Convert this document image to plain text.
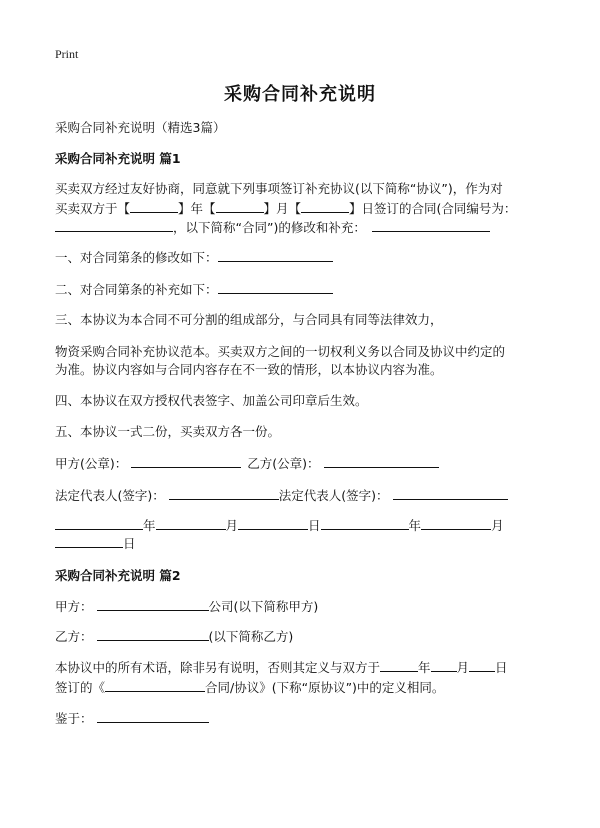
Print
采购合同补充说明
采购合同补充说明（精选3篇）
采购合同补充说明 篇1
买卖双方经过友好协商，同意就下列事项签订补充协议(以下简称“协议”)，作为对
买卖双方于【	】年【	】月【	】日签订的合同(合同编号为：
，以下简称“合同”)的修改和补充：
一、对合同第条的修改如下：
二、对合同第条的补充如下：
三、本协议为本合同不可分割的组成部分，与合同具有同等法律效力，
物资采购合同补充协议范本。买卖双方之间的一切权利义务以合同及协议中约定的
为准。协议内容如与合同内容存在不一致的情形，以本协议内容为准。
四、本协议在双方授权代表签字、加盖公司印章后生效。
五、本协议一式二份，买卖双方各一份。
甲方(公章)：	乙方(公章)：
法定代表人(签字)：	法定代表人(签字)：
年	月	日	年	月
日
采购合同补充说明 篇2
甲方：	公司(以下简称甲方)
乙方：	(以下简称乙方)
本协议中的所有术语，除非另有说明，否则其定义与双方于	年 月 日
签订的《	合同/协议》(下称“原协议”)中的定义相同。
鉴于：
